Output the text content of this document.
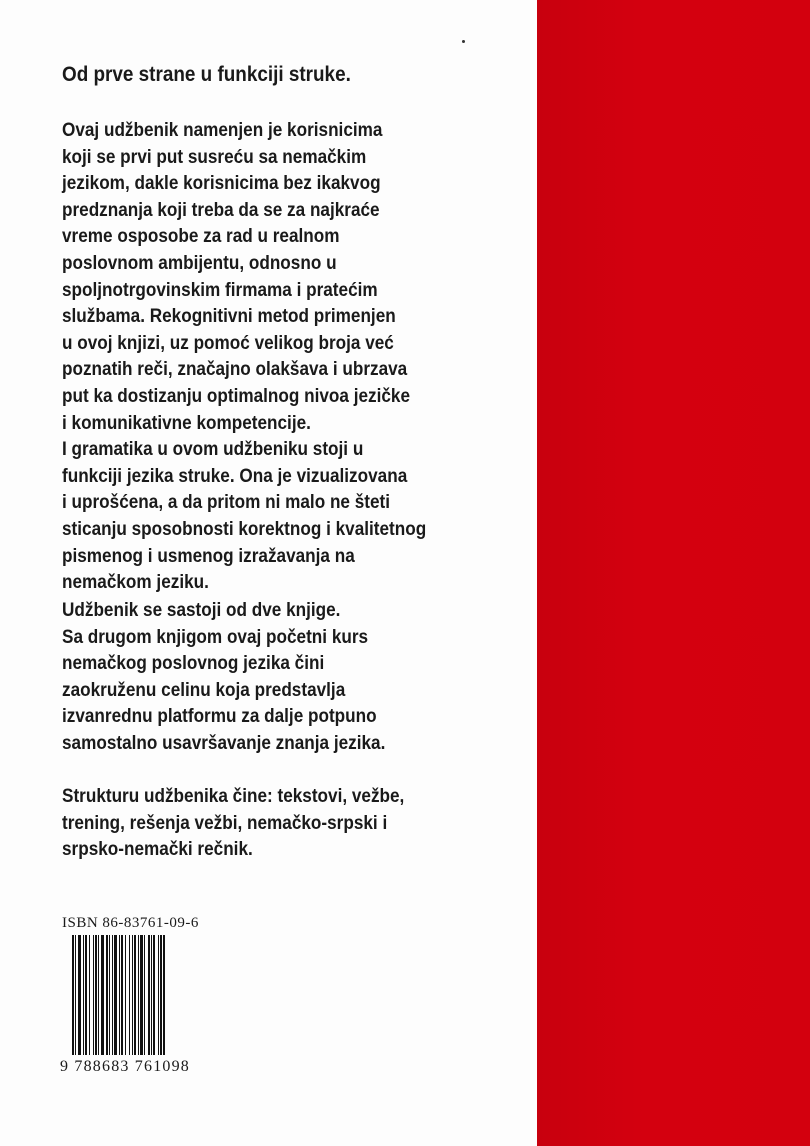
Od prve strane u funkciji struke.
Ovaj udžbenik namenjen je korisnicima
koji se prvi put susreću sa nemačkim
jezikom, dakle korisnicima bez ikakvog
predznanja koji treba da se za najkraće
vreme osposobe za rad u realnom
poslovnom ambijentu, odnosno u
spoljnotrgovinskim firmama i pratećim
službama. Rekognitivni metod primenjen
u ovoj knjizi, uz pomoć velikog broja već
poznatih reči, značajno olakšava i ubrzava
put ka dostizanju optimalnog nivoa jezičke
i komunikativne kompetencije.
I gramatika u ovom udžbeniku stoji u
funkciji jezika struke. Ona je vizualizovana
i uprošćena, a da pritom ni malo ne šteti
sticanju sposobnosti korektnog i kvalitetnog
pismenog i usmenog izražavanja na
nemačkom jeziku.
Udžbenik se sastoji od dve knjige.
Sa drugom knjigom ovaj početni kurs
nemačkog poslovnog jezika čini
zaokruženu celinu koja predstavlja
izvanrednu platformu za dalje potpuno
samostalno usavršavanje znanja jezika.
Strukturu udžbenika čine: tekstovi, vežbe,
trening, rešenja vežbi, nemačko-srpski i
srpsko-nemački rečnik.
ISBN 86-83761-09-6
9 788683 761098
